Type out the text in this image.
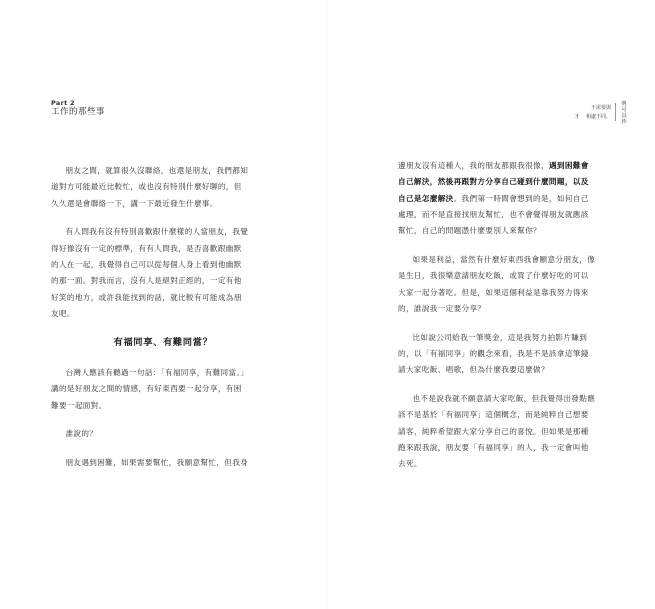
Part 2
工作的那些事

朋友之間，就算很久沒聯絡，也還是朋友，我們都知
道對方可能最近比較忙，或也沒有特別什麼好聊的，但
久久還是會聯絡一下，講一下最近發生什麼事。

有人問我有沒有特別喜歡跟什麼樣的人當朋友，我覺
得好像沒有一定的標準，有有人問我，是否喜歡跟幽默
的人在一起，我覺得自己可以從每個人身上看到他幽默
的那一面。對我而言，沒有人是絕對正經的，一定有他
好笑的地方，或許我能找到的話，就比較有可能成為朋
友吧。

有福同享、有難同當？

台灣人應該有聽過一句話：「有福同享，有難同當。」
講的是好朋友之間的情感，有好東西要一起分享，有困
難要一起面對。

誰說的？

朋友遇到困難，如果需要幫忙，我願意幫忙，但我身

不需要與
才 相處不同，
明
可
以
抄

邊朋友沒有這種人，我的朋友都跟我很像，遇到困難會
自己解決，然後再跟對方分享自己碰到什麼問題，以及
自己是怎麼解決。我們第一時間會想到的是，如何自己
處理，而不是直接找朋友幫忙，也不會覺得朋友就應該
幫忙，自己的問題憑什麼要別人來幫你？

如果是利益，當然有什麼好東西我會願意分朋友，像
是生日，我很樂意請朋友吃飯，或買了什麼好吃的可以
大家一起分著吃。但是，如果這個利益是靠我努力得來
的，誰說我一定要分享？

比如說公司給我一筆獎金，這是我努力拍影片賺到
的，以「有福同享」的觀念來看，我是不是該拿這筆錢
請大家吃飯、唱歌，但為什麼我要這麼做？

也不是說我就不願意請大家吃飯，但我覺得出發點應
該不是基於「有福同享」這個概念，而是純粹自己想要
請客，純粹希望跟大家分享自己的喜悅。但如果是那種
跑來跟我說，朋友要「有福同享」的人，我一定會叫他
去死。
